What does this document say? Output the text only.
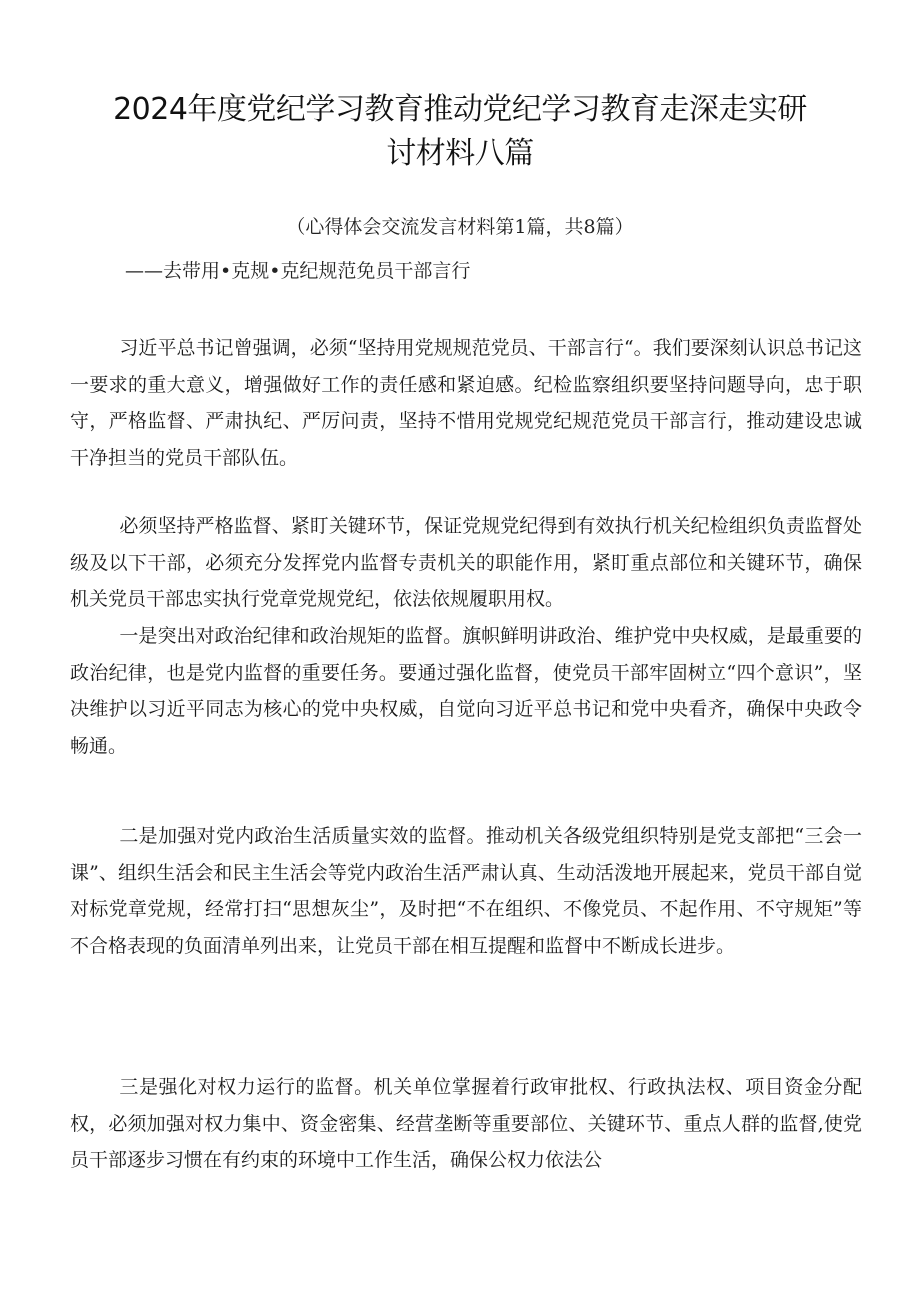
2024年度党纪学习教育推动党纪学习教育走深走实研讨材料八篇
（心得体会交流发言材料第1篇，共8篇）
——去带用•克规•克纪规范免员干部言行

习近平总书记曾强调，必须“坚持用党规规范党员、干部言行“。我们要深刻认识总书记这一要求的重大意义，增强做好工作的责任感和紧迫感。纪检监察组织要坚持问题导向，忠于职守，严格监督、严肃执纪、严厉问责，坚持不惜用党规党纪规范党员干部言行，推动建设忠诚干净担当的党员干部队伍。

必须坚持严格监督、紧盯关键环节，保证党规党纪得到有效执行机关纪检组织负责监督处级及以下干部，必须充分发挥党内监督专责机关的职能作用，紧盯重点部位和关键环节，确保机关党员干部忠实执行党章党规党纪，依法依规履职用权。

一是突出对政治纪律和政治规矩的监督。旗帜鲜明讲政治、维护党中央权威，是最重要的政治纪律，也是党内监督的重要任务。要通过强化监督，使党员干部牢固树立“四个意识”，坚决维护以习近平同志为核心的党中央权威，自觉向习近平总书记和党中央看齐，确保中央政令畅通。

二是加强对党内政治生活质量实效的监督。推动机关各级党组织特别是党支部把“三会一课”、组织生活会和民主生活会等党内政治生活严肃认真、生动活泼地开展起来，党员干部自觉对标党章党规，经常打扫“思想灰尘”，及时把“不在组织、不像党员、不起作用、不守规矩”等不合格表现的负面清单列出来，让党员干部在相互提醒和监督中不断成长进步。

三是强化对权力运行的监督。机关单位掌握着行政审批权、行政执法权、项目资金分配权，必须加强对权力集中、资金密集、经营垄断等重要部位、关键环节、重点人群的监督,使党员干部逐步习惯在有约束的环境中工作生活，确保公权力依法公
